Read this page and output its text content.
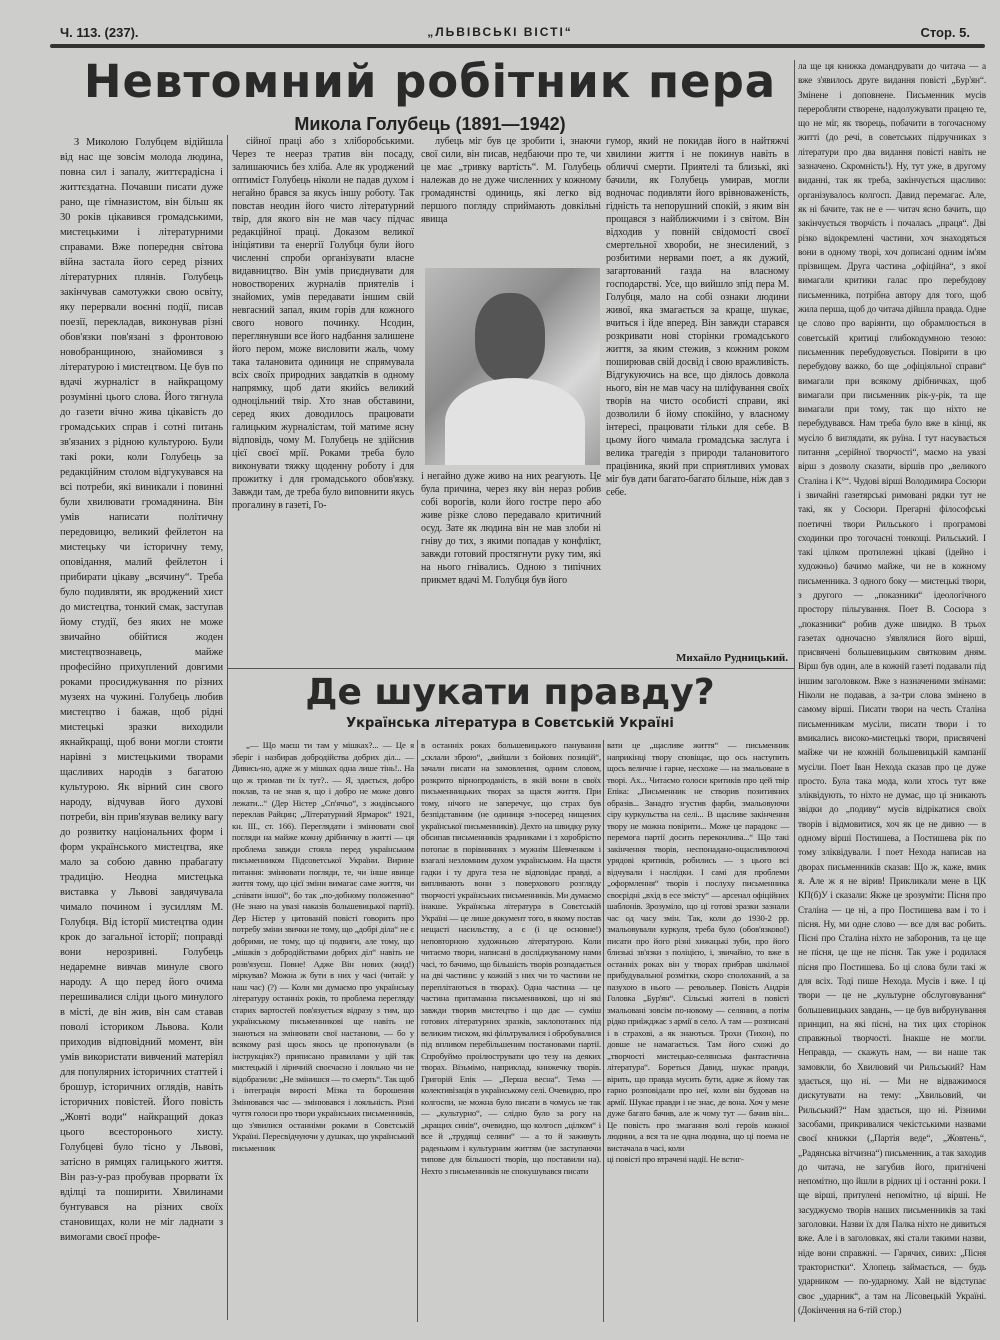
Ч. 113. (237).	„ЛЬВІВСЬКІ ВІСТІ“	Стор. 5.
Невтомний робітник пера
Микола Голубець (1891—1942)

З Миколою Голубцем відійшла від нас ще зовсім молода людина, повна сил і запалу, життєрадісна і життєздатна. Почавши писати дуже рано, ще гімназистом, він більш як 30 років цікавився громадськими, мистецькими і літературними справами. Вже попередня світова війна застала його серед різних літературних плянів. Голубець закінчував самотужки свою освіту, яку перервали воєнні події, писав поезії, перекладав, виконував різні обов'язки пов'язані з фронтовою новобранщиною, знайомився з літературою і мистецтвом. Це був по вдачі журналіст в найкращому розумінні цього слова. Його тягнула до газети вічно жива цікавість до громадських справ і сотні питань зв'язаних з рідною культурою. Були такі роки, коли Голубець за редакційним столом відгукувався на всі потреби, які виникали і повинні були хвилювати громадянина. Він умів написати політичну передовицю, великий фейлетон на мистецьку чи історичну тему, оповідання, малий фейлетон і прибирати цікаву „всячину“. Треба було подивляти, як вроджений хист до мистецтва, тонкий смак, заступав йому студії, без яких не може звичайно обійтися жоден мистецтвознавець, майже професійно прихуплений довгими роками просиджування по різних музеях на чужині. Голубець любив мистецтво і бажав, щоб рідні мистецькі зразки виходили якнайкращі, щоб вони могли стояти нарівні з мистецькими творами щасливих народів з багатою культурою. Як вірний син свого народу, відчував його духові потреби, він прив'язував велику вагу до розвитку національних форм і форм українського мистецтва, яке мало за собою давню прабагату традицію. Неодна мистецька виставка у Львові завдячувала чимало почином і зусиллям М. Голубця. Від історії мистецтва один крок до загальної історії; поправді вони нерозривні. Голубець недаремне вивчав минуле свого народу. А що перед його очима перешивалися сліди цього минулого в місті, де він жив, він сам ставав поволі істориком Львова. Коли приходив відповідний момент, він умів використати вивчений матеріял для популярних історичних статтей і брошур, історичних оглядів, навіть історичних повістей. Його повість „Жовті води“ найкращий доказ цього всесторонього хисту. Голубцеві було тісно у Львові, затісно в рямцях галицького життя. Він раз-у-раз пробував прорвати їх вділці та поширити. Хвилинами бунтувався на різних своїх становищах, коли не міг ладнати з вимогами своєї профе-

сійної праці або з хліборобськими. Через те неераз тратив він посаду, залишаючись без хліба. Але як уроджений оптиміст Голубець ніколи не падав духом і негайно брався за якусь іншу роботу. Так повстав неодин його чисто літературний твір, для якого він не мав часу підчас редакційної праці. Доказом великої ініціятиви та енергії Голубця були його численні спроби організувати власне видавництво. Він умів приєднувати для новостворених журналів приятелів і знайомих, умів передавати іншим свій невгасний запал, яким горів для кожного свого нового починку. Нсодин, переглянувши все його надбання залишене його пером, може висловити жаль, чому така талановита одиниця не спрямувала всіх своїх природних завдатків в одному напрямку, щоб дати якийсь великий одноцільний твір. Хто знав обставини, серед яких доводилось працювати галицьким журналістам, той матиме ясну відповідь, чому М. Голубець не здійснив цієї своєї мрії. Роками треба було виконувати тяжку щоденну роботу і для прожитку і для громадського обов'язку. Завжди там, де треба було виповнити якусь прогалину в газеті, Го-

лубець міг був це зробити і, знаючи свої сили, він писав, недбаючи про те, чи це має „тривку вартість“. М. Голубець належав до не дуже численних у кожному громадянстві одиниць, які легко від першого погляду сприймають довкільні явища

і негайно дуже живо на них реагують. Це була причина, через яку він нераз робив собі ворогів, коли його гостре перо або живе різке слово передавало критичний осуд. Зате як людина він не мав злоби ні гніву до тих, з якими попадав у конфлікт, завжди готовий простягнути руку тим, які на нього гнівались. Одною з типічних прикмет вдачі М. Голубця був його

гумор, який не покидав його в найтяжчі хвилини життя і не покинув навіть в обличчі смерти. Приятелі та близькі, які бачили, як Голубець умирав, могли водночас подивляти його врівноваженість, гідність та непорушний спокій, з яким він прощався з найближчими і з світом. Він відходив у повній свідомості своєї смертельної хвороби, не знесилений, з розбитими нервами поет, а як дужий, загартований газда на власному господарстві. Усе, що вийшло зпід пера М. Голубця, мало на собі ознаки людини живої, яка змагається за краще, шукає, вчиться і йде вперед. Він завжди старався розкривати нові сторінки громадського життя, за яким стежив, з кожним роком поширював свій досвід і свою вражливість. Відгукуючись на все, що діялось довкола нього, він не мав часу на шліфування своїх творів на чисто особисті справи, які дозволили б йому спокійно, у власному інтересі, працювати тільки для себе. В цьому його чимала громадська заслуга і велика трагедія з природи талановитого працівника, який при сприятливих умовах міг був дати багато-багато більше, ніж дав з себе.

Михайло Рудницький.

ла ще ця книжка домандрувати до читача — а вже з'явилось друге видання повісті „Бур'ян“. Змінене і доповнене. Письменник мусів переробляти створене, надолужувати працею те, що не міг, як творець, побачити в тогочасному житті (до речі, в советських підручниках з літератури про два видання повісті навіть не зазначено. Скромність!). Ну, тут уже, в другому виданні, так як треба, закінчується щасливо: організувалось колгосп. Давид перемагає. Але, як ні бачите, так не е — читач ясно бачить, що закінчується творчість і почалась „праця“. Дві різко відокремлені частини, хоч знаходяться вони в одному творі, хоч дописані одним ім'ям прізвищем. Друга частина „офіційна“, з якої вимагали критики галас про перебудову письменника, потрібна автору для того, щоб жила перша, щоб до читача дійшла правда. Одне це слово про варіянти, що обрамлюється в советській критиці глибокодумною тезою: письменник перебудовується. Повірити в цю перебудову важко, бо ще „офіціяльної справи“ вимагали при всякому дрібничках, щоб вимагали при письменник рік-у-рік, та ще вимагали при тому, так що ніхто не перебудувався. Нам треба було вже в кінці, як мусіло б виглядати, як руїна. І тут насувається питання „серійної творчості“, маємо на увазі вірш з дозволу сказати, віршів про „великого Сталіна і К°“. Чудові вірші Володимира Сосюри і звичайні газетярські римовані рядки тут не такі, як у Сосюри. Прегарні філософські поетичні твори Рильського і програмові сходинки про тогочасні тонкощі. Рильський. І такі цілком протилежні цікаві (ідейно і художньо) бачимо майже, чи не в кожному письменника. З одного боку — мистецькі твори, з другого — „показники“ ідеологічного простору пільгування. Поет В. Сосюра з „показники“ робив дуже швидко. В трьох газетах одночасно з'являлися його вірші, присвячені большевицьким святковим дням. Вірш був один, але в кожній газеті подавали під іншим заголовком. Вже з назначеними змінами: Ніколи не подавав, а за-три слова змінено в самому вірші. Писати твори на честь Сталіна письменникам мусіли, писати твори і то вмикались високо-мистецькі твори, присвячені майже чи не кожній большевицькій кампанії мусіли. Поет Іван Нехода сказав про це дуже просто. Була така мода, коли хтось тут вже зліквідують, то ніхто не думає, що ці зникають звідки до „подиву“ мусів відрікатися своїх творів і відмовитися, хоч як це не дивно — в одному вірші Постишева, а Постишева рік по тому зліквідували. І поет Нехода написав на дворах письменників сказав: Що ж, каже, вмик я. Але ж я не вірив! Прикликали мене в ЦК КП(б)У і сказали: Якже це зрозуміти: Пісня про Сталіна — це ні, а про Постишева вам і то і пісня. Ну, ми одне слово — все для вас робить. Пісні про Сталіна ніхто не заборонив, та це ще не пісня, це ще не пісня. Так уже і родилася пісня про Постишева. Бо ці слова були такі ж для всіх. Тоді пише Нехода. Мусів і вже. І ці твори — це не „культурне обслуговування“ большевицьких завдань, — це був вибрунування принцип, на які пісні, на тих цих сторінок справжньої творчості. Інакше не могли. Неправда, — скажуть нам, — ви наше так замовкли, бо Хвилювий чи Рильський? Нам здається, що ні. — Ми не відважимося дискутувати на тему: „Хвильовий, чи Рильський?“ Нам здається, що ні. Різними засобами, прикривалися чекістськими назвами своєї книжки („Партія веде“, „Жовтень“, „Радянська вітчизна“) письменник, а так заходив до читача, не загубив його, пригнічені непомітно, що йшли в рідних ці і останні роки. І ще вірші, притулені непомітно, ці вірші. Не засуджуємо творів наших письменників за такі заголовки. Назви їх для Палка ніхто не дивиться вже. Але і в заголовках, які стали такими назви, ніде вони справжні. — Гарячих, сивих: „Пісня трактористки“. Хлопець займається, — будь ударником — по-ударному. Хай не відступає своє „ударник“, а там на Лісовецькій Україні. (Докінчення на 6-тій стор.)

Де шукати правду?
Українська література в Совєтській Україні

„— Що маєш ти там у мішках?... — Це я зберіг і назбирав добродійства добрих діл... — Дивись-но, адже ж у мішках одна лише тінь!.. На що ж тримав ти їх тут?.. — Я, здається, добро поклав, та не знав я, що і добро не може довго лежати...“ (Дер Ністер „Сп'ячьо“, з жидівського переклав Райцин; „Літературний Ярмарок“ 1921, кн. III., ст. 166). Переглядати і змінювати свої погляди на майже кожну дрібничку в житті — ця проблема завжди стояла перед українським письменником Підсоветської України. Вирине питання: змінювати погляди, те, чи інше явище життя тому, що цієї зміни вимагає саме життя, чи „співати іншої“, бо так „по-добному положенню“ (Не знаю на увазі наказів большевицької партії). Дер Ністер у цитованій повісті говорить про потребу зміни звички не тому, що „добрі діла“ не є добрими, не тому, що ці подвиги, але тому, що „мішків з добродійствами добрих діл“ навіть не розв'язуєш. Повне! Адже Він нових (жид!) міркував? Можна ж бути в них у часі (читай: у наш час) (?) — Коли ми думаємо про українську літературу останніх років, то проблема перегляду старих вартостей пов'язується відразу з тим, що українському письменникові ще навіть не знаються на змінювати свої настанови, — бо у всякому разі щось якось це пропонували (в інструкціях?) приписано правилами у цій так мистецькій і ліричній своєчасно і лояльно чи не відобразили: „Не змінишся — то смерть“. Так щоб і інтеграція вирості Мізка та борошення Змінювався час — змінювався і лояльність. Різні чуття голоси про твори українських письменників, що з'явилися останніми роками в Совєтській Україні. Пересвідчуючи у душках, що український письменник

в останніх роках большевицького панування „склали зброю“, „вийшли з бойових позицій“, зачали писати на замовлення, одним словом, розкрито вірнопроданість, в якій вони в своїх письменницьких творах за щастя життя. При тому, нічого не заперечує, що страх був безпідставним (не одиниця з-посеред нищених української письменників). Дехто на швидку руку обсипав письменників зрадниками і з хоробрістю потопає в порівняннях з мужнім Шевченком і взагалі незломним духом українським. На щастя гадки і ту друга теза не відповідає правді, а випливають вони з поверхового розгляду творчості українських письменників. Ми думаємо інакше. Українська література в Совєтській Україні — це лише документ того, в якому постав нещасті насильству, а є (і це основне!) неповторною художньою літературою. Коли читаємо твори, написані в досліджуваному нами часі, то бачимо, що більшість творів розпадається на дві частини: у кожній з них чи то частини не переплітаються в творах). Одна частина — це частина притаманна письменникові, що ні які завжди творив мистецтво і що дає — суміш готових літературних зразків, заклопотаних під великим тиском, які фільтрувалися і обробувалися під впливом перебільшеним постановами партії. Спробуймо проілюструвати цю тезу на деяких творах. Візьмімо, наприклад, книжечку творів. Григорій Епік — „Перша весна“. Тема — колективізація в українському селі. Очевидно, про колгоспи, не можна було писати в чомусь не так — „культурно“, — слідно було за рогу на „кращих синів“, очевидно, що колгосп „цілком“ і все й „трудящі селяни“ — а то й заживуть раденьким і культурним життям (не заступаючи типове для більшості творів, що поставили на). Нехто з письменників не спокушувався писати

вати це „щасливе життя“ — письменник наприкінці твору сповіщає, що ось наступить щось величне і гарне, несхоже — на змальоване в творі. Ах... Читаємо голоси критиків про цей твір Епіка: „Письменник не створив позитивних образів... Занадто згустив фарби, змальовуючи сіру куркульства на селі... В щасливе закінчення твору не можна повірити... Може це парадокс — перемога партії досить переконлива...“ Що такі закінчення творів, неспонадано-ощасливлюючі урядові критиків, робились — з цього всі відчували і наслідки. І самі для проблеми „оформлення“ творів і послуху письменника своєрідні „вхід в есе змісту“ — арсенал офіційних шаблонів. Зрозуміло, що ці готові зразки зазнали час од часу змін. Так, коли до 1930-2 рр. змальовували куркуля, треба було (обов'язково!) писати про його різні хижацькі зуби, про його близькі зв'язки з поліцією, і, звичайно, то вже в останніх роках він у творах прибрав шкільної прибудувальної розмітки, скоро сполоханий, а за пазухою в нього — револьвер. Повість Андрія Головка „Бур'ян“. Сільські жителі в повісті змальовані зовсім по-новому — селянин, а потім рідко приїжджає з армії в село. А там — розписані і в страхові, а як знаються. Трохи (Тихон), по довше не намагається. Там його схожі до „творчості мистецько-селянська фантастична література“. Бореться Давид, шукає правди, вірить, що правда мусить бути, адже ж йому так гарно розповідали про неї, коли він будовав на армії. Шукає правди і не знає, де вона. Хоч у мене дуже багато бачив, але ж чому тут — бачив він... Це повість про змагання волі героїв кожної людини, а вся та не одна людина, що ці поема не вистачала в часі, коли

ці повісті про втрачені надії. Не встиг-
